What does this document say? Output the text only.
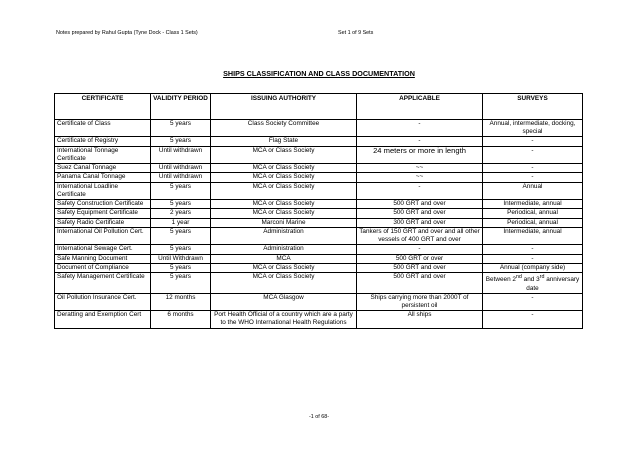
Notes prepared by Rahul Gupta (Tyne Dock - Class 1 Sets)	Set 1 of 9 Sets
SHIPS CLASSIFICATION AND CLASS DOCUMENTATION
CERTIFICATE	VALIDITY PERIOD	ISSUING AUTHORITY	APPLICABLE	SURVEYS
Certificate of Class	5 years	Class Society Committee	-	Annual, intermediate, docking, special
Certificate of Registry	5 years	Flag State	-	-
International Tonnage Certificate	Until withdrawn	MCA or Class Society	24 meters or more in length	-
Suez Canal Tonnage	Until withdrawn	MCA or Class Society	~~	-
Panama Canal Tonnage	Until withdrawn	MCA or Class Society	~~	-
International Loadline Certificate	5 years	MCA or Class Society	-	Annual
Safety Construction Certificate	5 years	MCA or Class Society	500 GRT and over	Intermediate, annual
Safety Equipment Certificate	2 years	MCA or Class Society	500 GRT and over	Periodical, annual
Safety Radio Certificate	1 year	Marconi Marine	300 GRT and over	Periodical, annual
International Oil Pollution Cert.	5 years	Administration	Tankers of 150 GRT and over and all other vessels of 400 GRT and over	Intermediate, annual
International Sewage Cert.	5 years	Administration	-	-
Safe Manning Document	Until Withdrawn	MCA	500 GRT or over	-
Document of Compliance	5 years	MCA or Class Society	500 GRT and over	Annual (company side)
Safety Management Certificate	5 years	MCA or Class Society	500 GRT and over	Between 2nd and 3rd anniversary date
Oil Pollution Insurance Cert.	12 months	MCA Glasgow	Ships carrying more than 2000T of persistent oil	-
Deratting and Exemption Cert	6 months	Port Health Official of a country which are a party to the WHO International Health Regulations	All ships	-
-1 of 68-
